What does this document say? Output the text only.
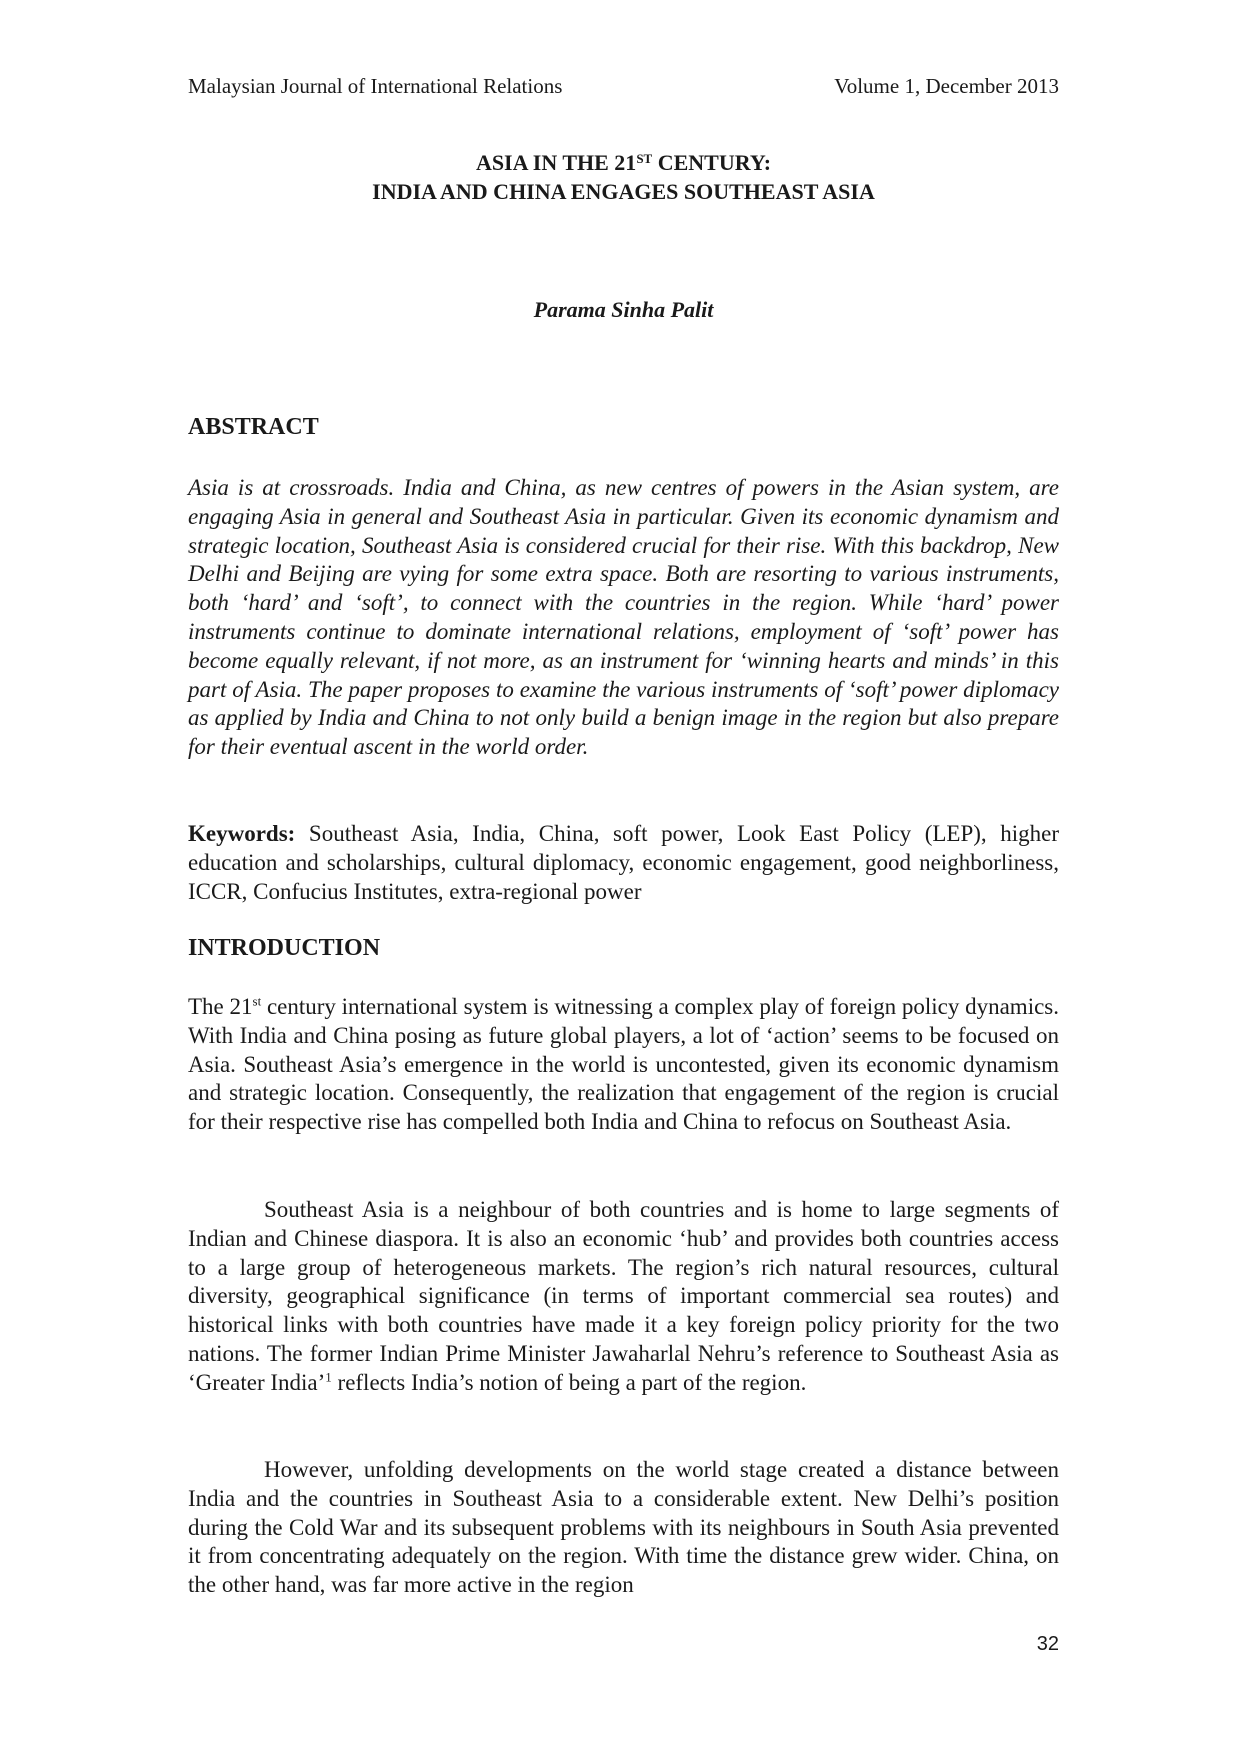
Malaysian Journal of International Relations	Volume 1, December 2013
ASIA IN THE 21ST CENTURY:
INDIA AND CHINA ENGAGES SOUTHEAST ASIA
Parama Sinha Palit
ABSTRACT
Asia is at crossroads. India and China, as new centres of powers in the Asian system, are engaging Asia in general and Southeast Asia in particular. Given its economic dynamism and strategic location, Southeast Asia is considered crucial for their rise. With this backdrop, New Delhi and Beijing are vying for some extra space. Both are resorting to various instruments, both ‘hard’ and ‘soft’, to connect with the countries in the region. While ‘hard’ power instruments continue to dominate international relations, employment of ‘soft’ power has become equally relevant, if not more, as an instrument for ‘winning hearts and minds’ in this part of Asia. The paper proposes to examine the various instruments of ‘soft’ power diplomacy as applied by India and China to not only build a benign image in the region but also prepare for their eventual ascent in the world order.
Keywords: Southeast Asia, India, China, soft power, Look East Policy (LEP), higher education and scholarships, cultural diplomacy, economic engagement, good neighborliness, ICCR, Confucius Institutes, extra-regional power
INTRODUCTION
The 21st century international system is witnessing a complex play of foreign policy dynamics. With India and China posing as future global players, a lot of ‘action’ seems to be focused on Asia. Southeast Asia’s emergence in the world is uncontested, given its economic dynamism and strategic location. Consequently, the realization that engagement of the region is crucial for their respective rise has compelled both India and China to refocus on Southeast Asia.
Southeast Asia is a neighbour of both countries and is home to large segments of Indian and Chinese diaspora. It is also an economic ‘hub’ and provides both countries access to a large group of heterogeneous markets. The region’s rich natural resources, cultural diversity, geographical significance (in terms of important commercial sea routes) and historical links with both countries have made it a key foreign policy priority for the two nations. The former Indian Prime Minister Jawaharlal Nehru’s reference to Southeast Asia as ‘Greater India’$^1$ reflects India’s notion of being a part of the region.
However, unfolding developments on the world stage created a distance between India and the countries in Southeast Asia to a considerable extent. New Delhi’s position during the Cold War and its subsequent problems with its neighbours in South Asia prevented it from concentrating adequately on the region. With time the distance grew wider. China, on the other hand, was far more active in the region
32
